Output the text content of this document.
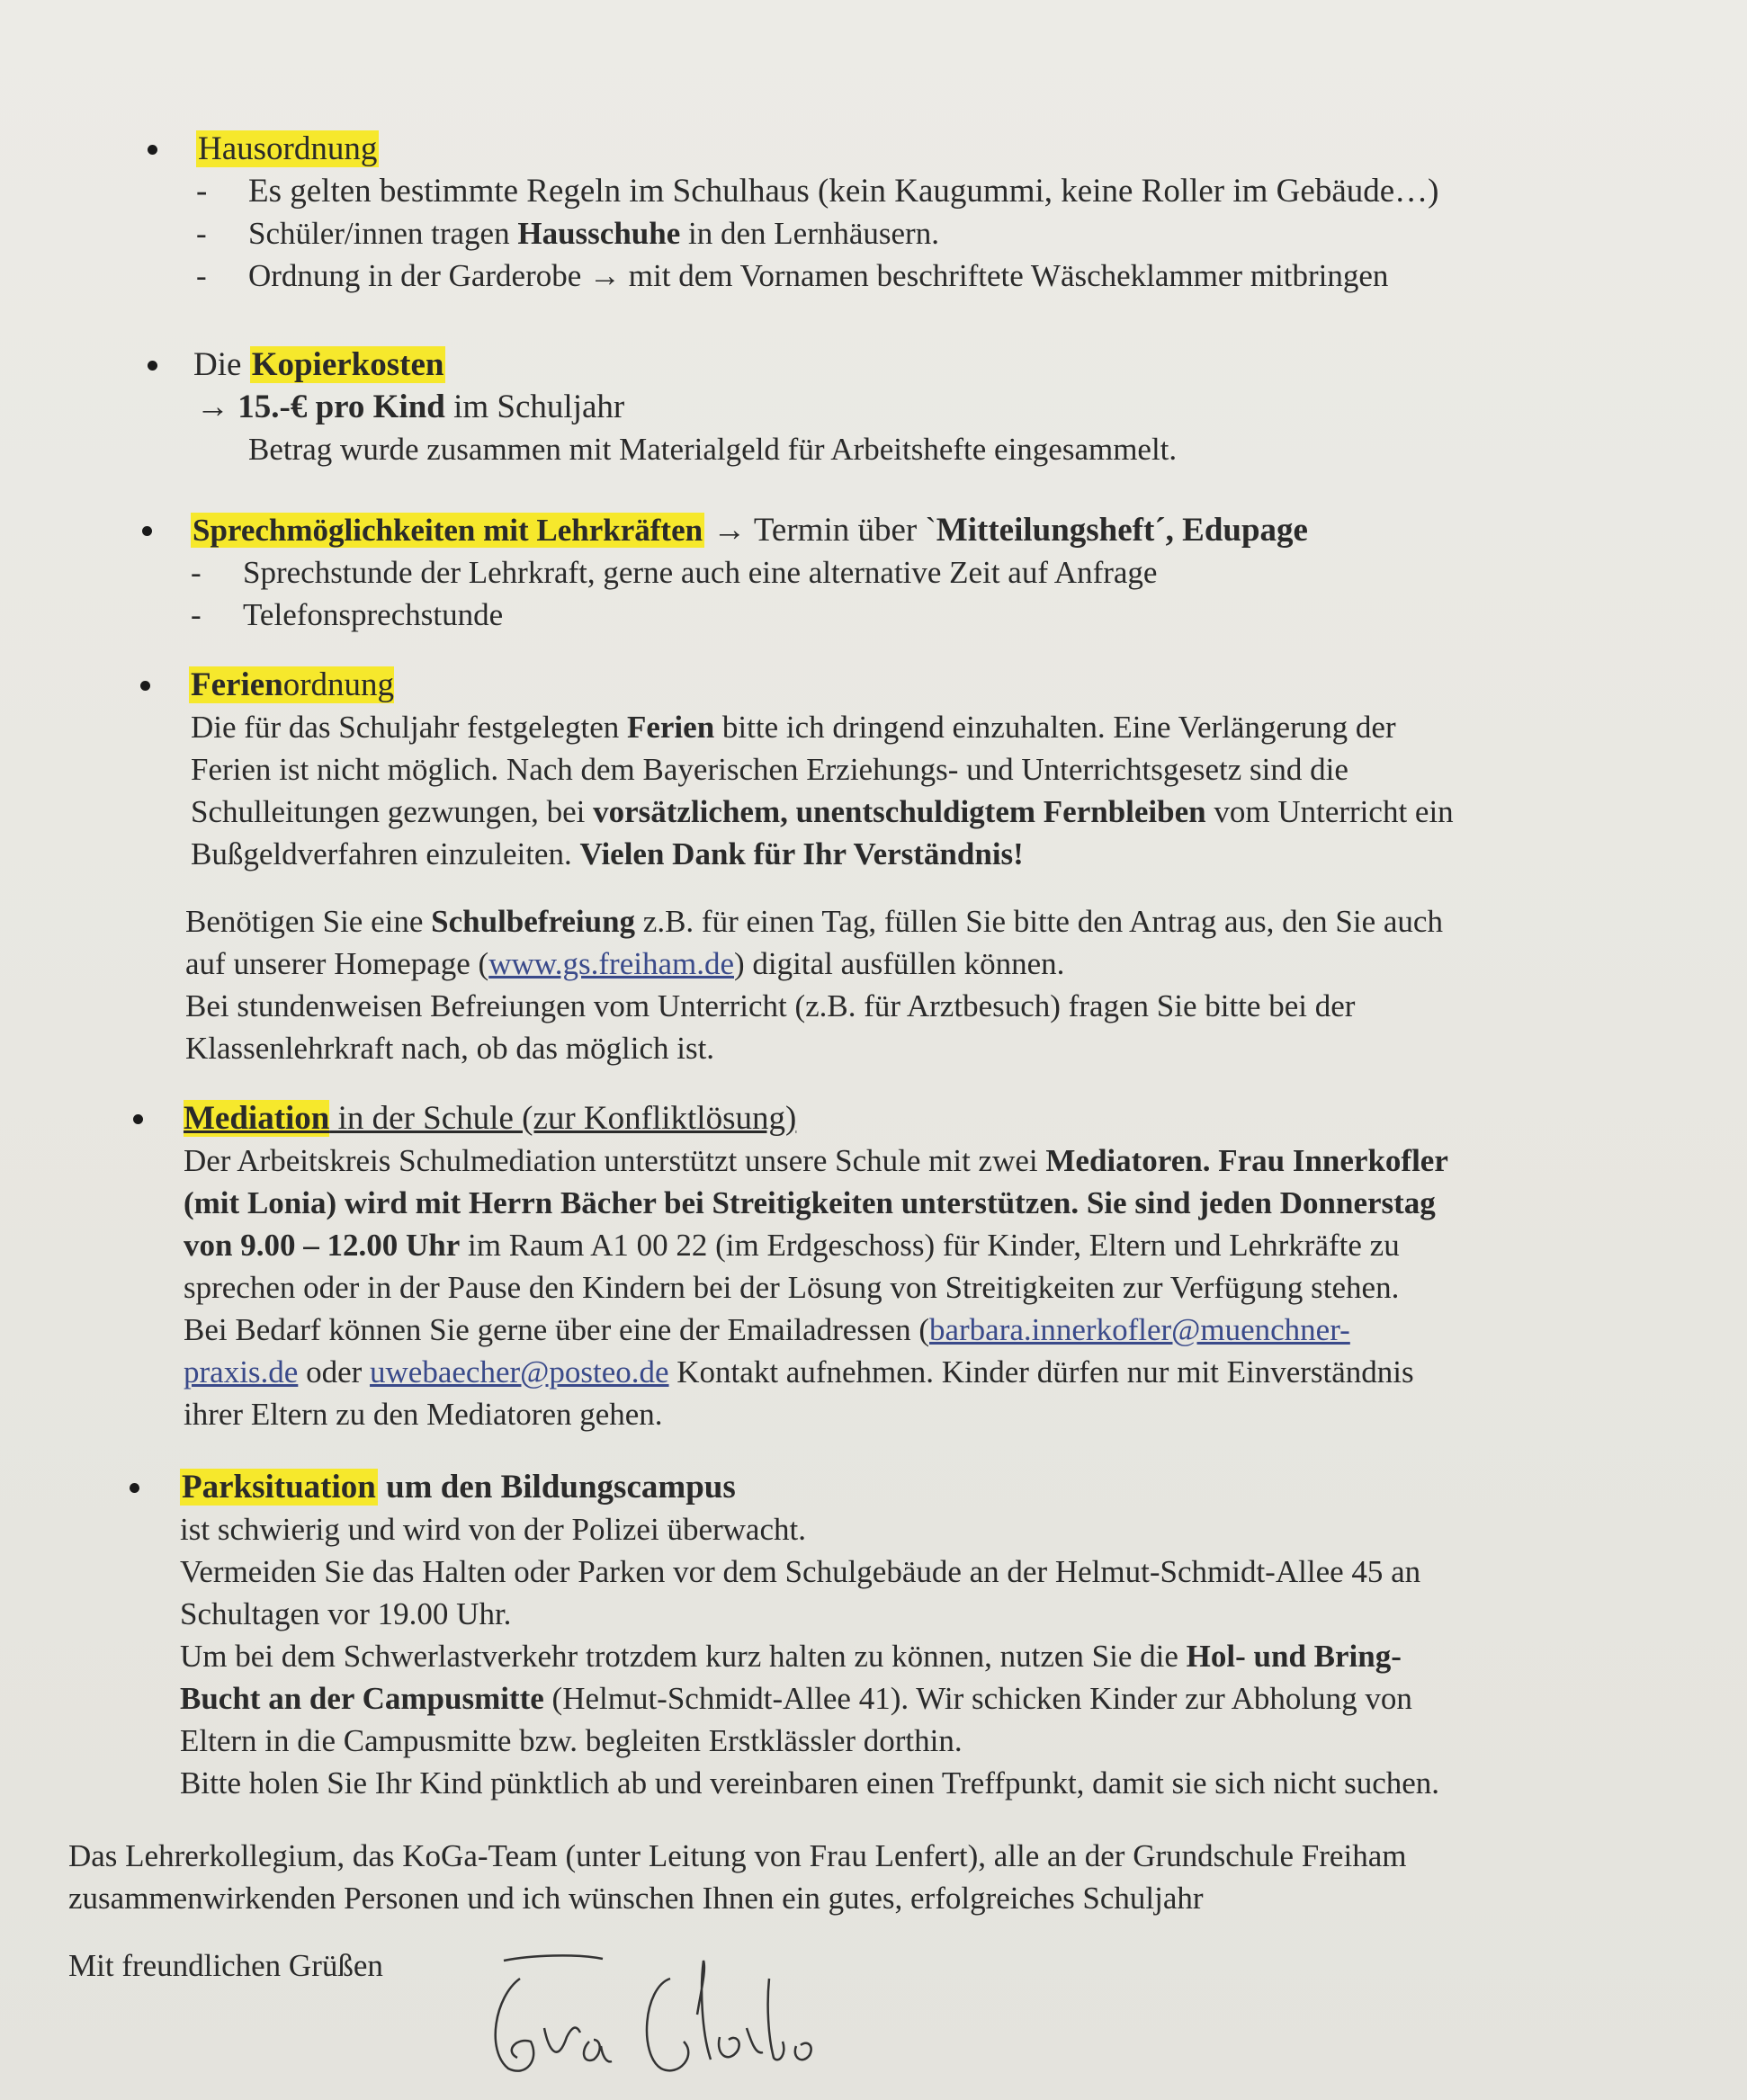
Hausordnung
- Es gelten bestimmte Regeln im Schulhaus (kein Kaugummi, keine Roller im Gebäude…)
- Schüler/innen tragen Hausschuhe in den Lernhäusern.
- Ordnung in der Garderobe → mit dem Vornamen beschriftete Wäscheklammer mitbringen
Die Kopierkosten
→ 15.-€ pro Kind im Schuljahr
Betrag wurde zusammen mit Materialgeld für Arbeitshefte eingesammelt.
Sprechmöglichkeiten mit Lehrkräften → Termin über `Mitteilungsheft´, Edupage
- Sprechstunde der Lehrkraft, gerne auch eine alternative Zeit auf Anfrage
- Telefonsprechstunde
Ferienordnung
Die für das Schuljahr festgelegten Ferien bitte ich dringend einzuhalten. Eine Verlängerung der
Ferien ist nicht möglich. Nach dem Bayerischen Erziehungs- und Unterrichtsgesetz sind die
Schulleitungen gezwungen, bei vorsätzlichem, unentschuldigtem Fernbleiben vom Unterricht ein
Bußgeldverfahren einzuleiten. Vielen Dank für Ihr Verständnis!
Benötigen Sie eine Schulbefreiung z.B. für einen Tag, füllen Sie bitte den Antrag aus, den Sie auch
auf unserer Homepage (www.gs.freiham.de) digital ausfüllen können.
Bei stundenweisen Befreiungen vom Unterricht (z.B. für Arztbesuch) fragen Sie bitte bei der
Klassenlehrkraft nach, ob das möglich ist.
Mediation in der Schule (zur Konfliktlösung)
Der Arbeitskreis Schulmediation unterstützt unsere Schule mit zwei Mediatoren. Frau Innerkofler
(mit Lonia) wird mit Herrn Bächer bei Streitigkeiten unterstützen. Sie sind jeden Donnerstag
von 9.00 – 12.00 Uhr im Raum A1 00 22 (im Erdgeschoss) für Kinder, Eltern und Lehrkräfte zu
sprechen oder in der Pause den Kindern bei der Lösung von Streitigkeiten zur Verfügung stehen.
Bei Bedarf können Sie gerne über eine der Emailadressen (barbara.innerkofler@muenchner-
praxis.de oder uwebaecher@posteo.de Kontakt aufnehmen. Kinder dürfen nur mit Einverständnis
ihrer Eltern zu den Mediatoren gehen.
Parksituation um den Bildungscampus
ist schwierig und wird von der Polizei überwacht.
Vermeiden Sie das Halten oder Parken vor dem Schulgebäude an der Helmut-Schmidt-Allee 45 an
Schultagen vor 19.00 Uhr.
Um bei dem Schwerlastverkehr trotzdem kurz halten zu können, nutzen Sie die Hol- und Bring-
Bucht an der Campusmitte (Helmut-Schmidt-Allee 41). Wir schicken Kinder zur Abholung von
Eltern in die Campusmitte bzw. begleiten Erstklässler dorthin.
Bitte holen Sie Ihr Kind pünktlich ab und vereinbaren einen Treffpunkt, damit sie sich nicht suchen.
Das Lehrerkollegium, das KoGa-Team (unter Leitung von Frau Lenfert), alle an der Grundschule Freiham
zusammenwirkenden Personen und ich wünschen Ihnen ein gutes, erfolgreiches Schuljahr
Mit freundlichen Grüßen
